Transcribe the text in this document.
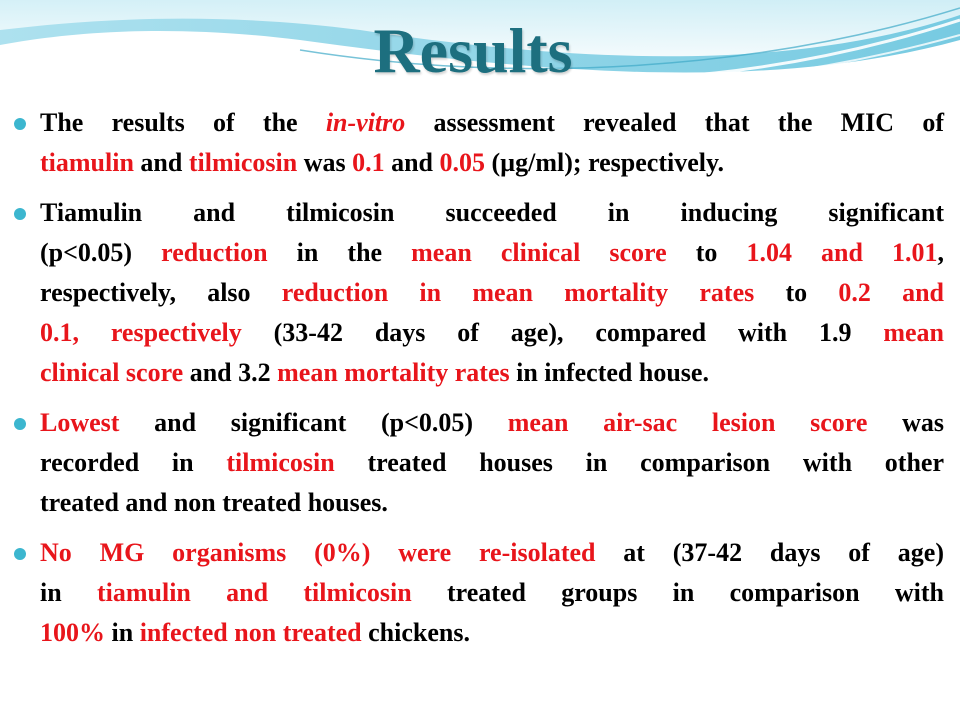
Results
The results of the in-vitro assessment revealed that the MIC of
tiamulin and tilmicosin was 0.1 and 0.05 (µg/ml); respectively.
Tiamulin and tilmicosin succeeded in inducing significant
(p<0.05) reduction in the mean clinical score to 1.04 and 1.01,
respectively, also reduction in mean mortality rates to 0.2 and
0.1, respectively (33-42 days of age), compared with 1.9 mean
clinical score and 3.2 mean mortality rates in infected house.
Lowest and significant (p<0.05) mean air-sac lesion score was
recorded in tilmicosin treated houses in comparison with other
treated and non treated houses.
No MG organisms (0%) were re-isolated at (37-42 days of age)
in tiamulin and tilmicosin treated groups in comparison with
100% in infected non treated chickens.
